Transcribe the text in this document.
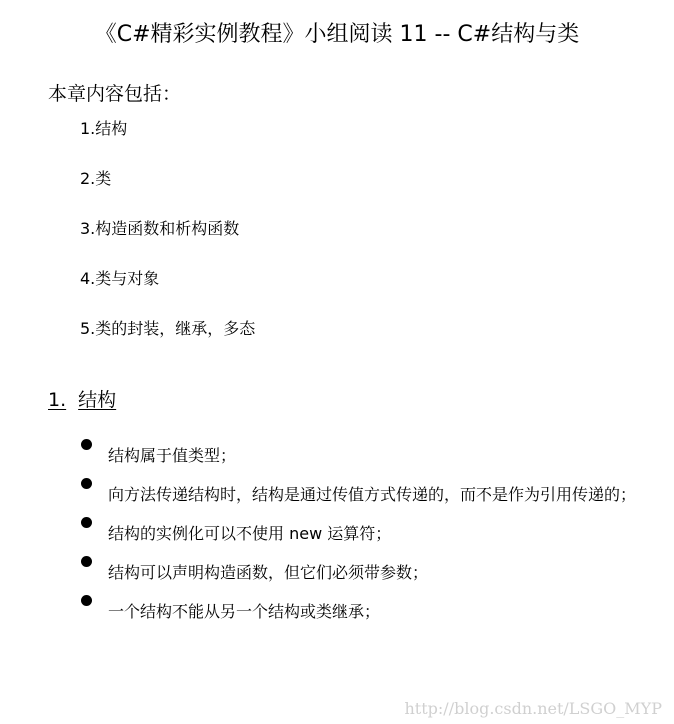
《C#精彩实例教程》小组阅读 11 -- C#结构与类
本章内容包括：
1.结构
2.类
3.构造函数和析构函数
4.类与对象
5.类的封装，继承，多态
1. 结构
结构属于值类型；
向方法传递结构时，结构是通过传值方式传递的，而不是作为引用传递的；
结构的实例化可以不使用 new 运算符；
结构可以声明构造函数，但它们必须带参数；
一个结构不能从另一个结构或类继承；
http://blog.csdn.net/LSGO_MYP
